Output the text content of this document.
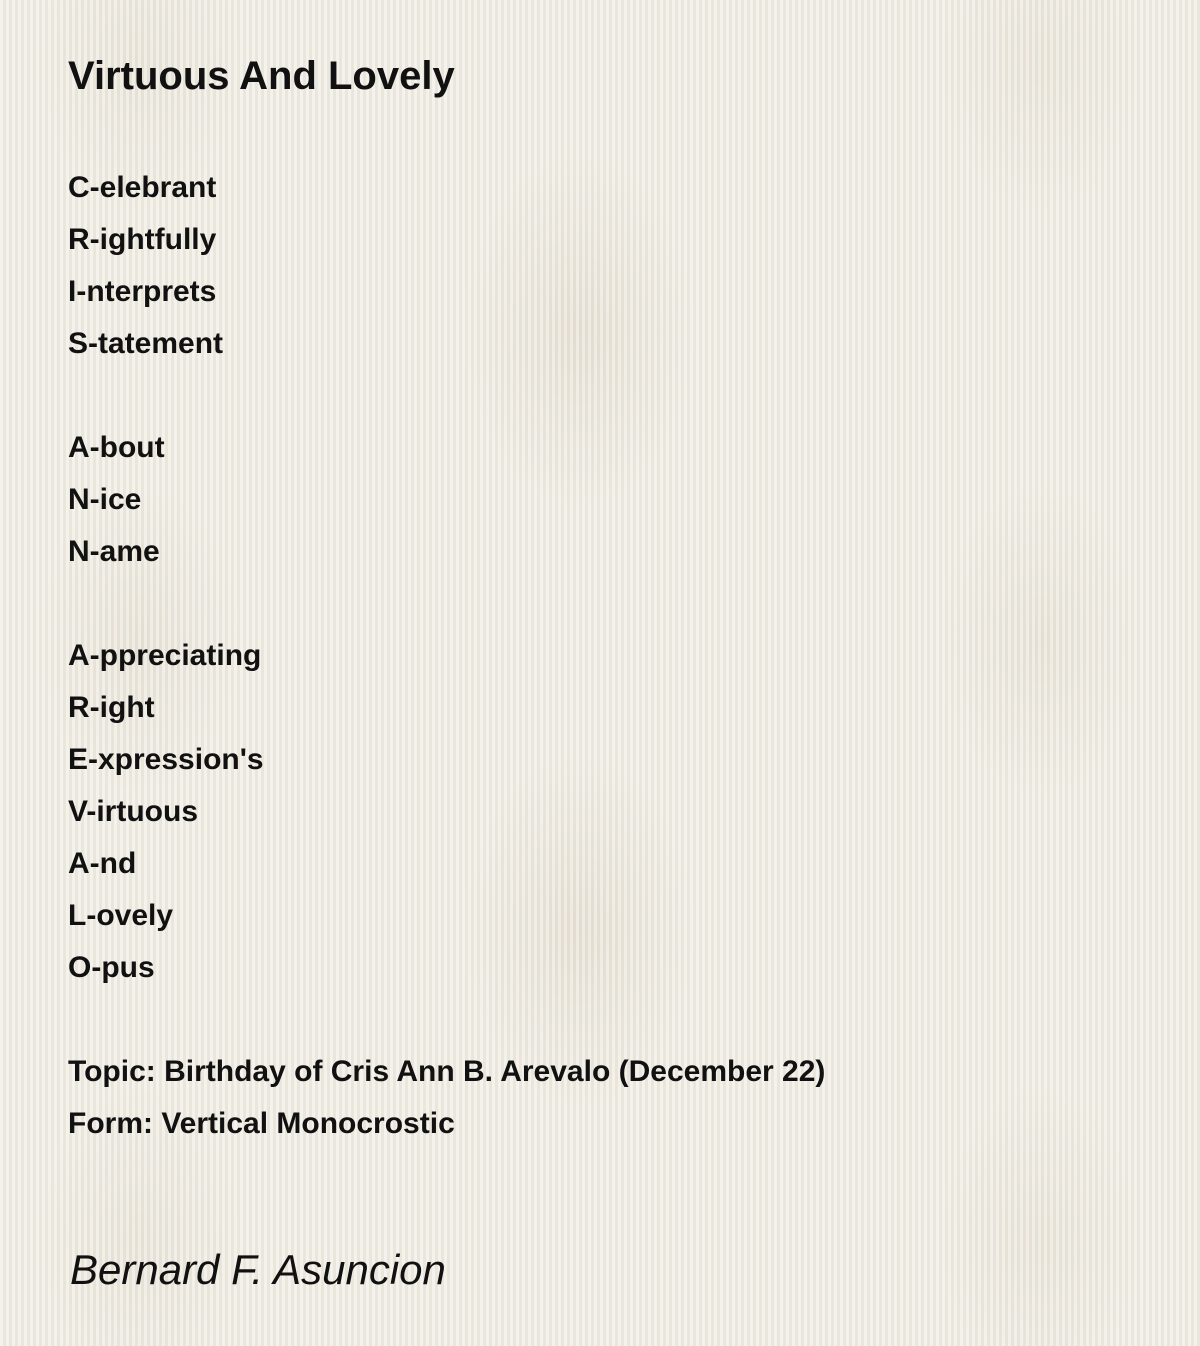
Virtuous And Lovely
C-elebrant
R-ightfully
I-nterprets
S-tatement
A-bout
N-ice
N-ame
A-ppreciating
R-ight
E-xpression's
V-irtuous
A-nd
L-ovely
O-pus
Topic: Birthday of Cris Ann B. Arevalo (December 22)
Form: Vertical Monocrostic
Bernard F. Asuncion
